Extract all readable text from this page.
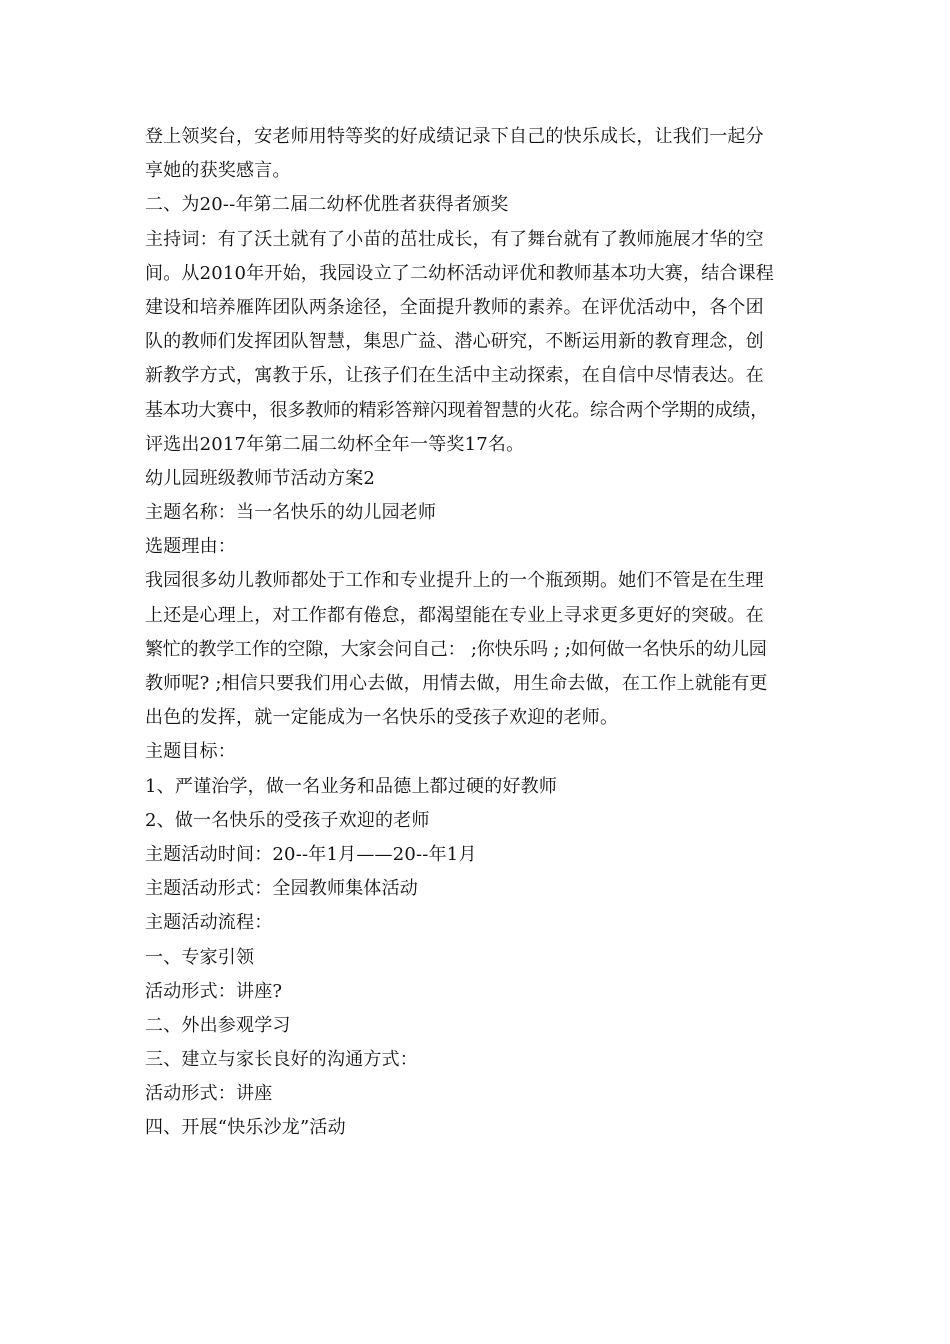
登上领奖台，安老师用特等奖的好成绩记录下自己的快乐成长，让我们一起分
享她的获奖感言。
二、为20--年第二届二幼杯优胜者获得者颁奖
主持词：有了沃土就有了小苗的茁壮成长，有了舞台就有了教师施展才华的空
间。从2010年开始，我园设立了二幼杯活动评优和教师基本功大赛，结合课程
建设和培养雁阵团队两条途径，全面提升教师的素养。在评优活动中，各个团
队的教师们发挥团队智慧，集思广益、潜心研究，不断运用新的教育理念，创
新教学方式，寓教于乐，让孩子们在生活中主动探索，在自信中尽情表达。在
基本功大赛中，很多教师的精彩答辩闪现着智慧的火花。综合两个学期的成绩，
评选出2017年第二届二幼杯全年一等奖17名。
幼儿园班级教师节活动方案2
主题名称：当一名快乐的幼儿园老师
选题理由：
我园很多幼儿教师都处于工作和专业提升上的一个瓶颈期。她们不管是在生理
上还是心理上，对工作都有倦怠，都渴望能在专业上寻求更多更好的突破。在
繁忙的教学工作的空隙，大家会问自己： ;你快乐吗 ; ;如何做一名快乐的幼儿园
教师呢? ;相信只要我们用心去做，用情去做，用生命去做，在工作上就能有更
出色的发挥，就一定能成为一名快乐的受孩子欢迎的老师。
主题目标：
1、严谨治学，做一名业务和品德上都过硬的好教师
2、做一名快乐的受孩子欢迎的老师
主题活动时间：20--年1月——20--年1月
主题活动形式：全园教师集体活动
主题活动流程：
一、专家引领
活动形式：讲座?
二、外出参观学习
三、建立与家长良好的沟通方式：
活动形式：讲座
四、开展“快乐沙龙”活动
